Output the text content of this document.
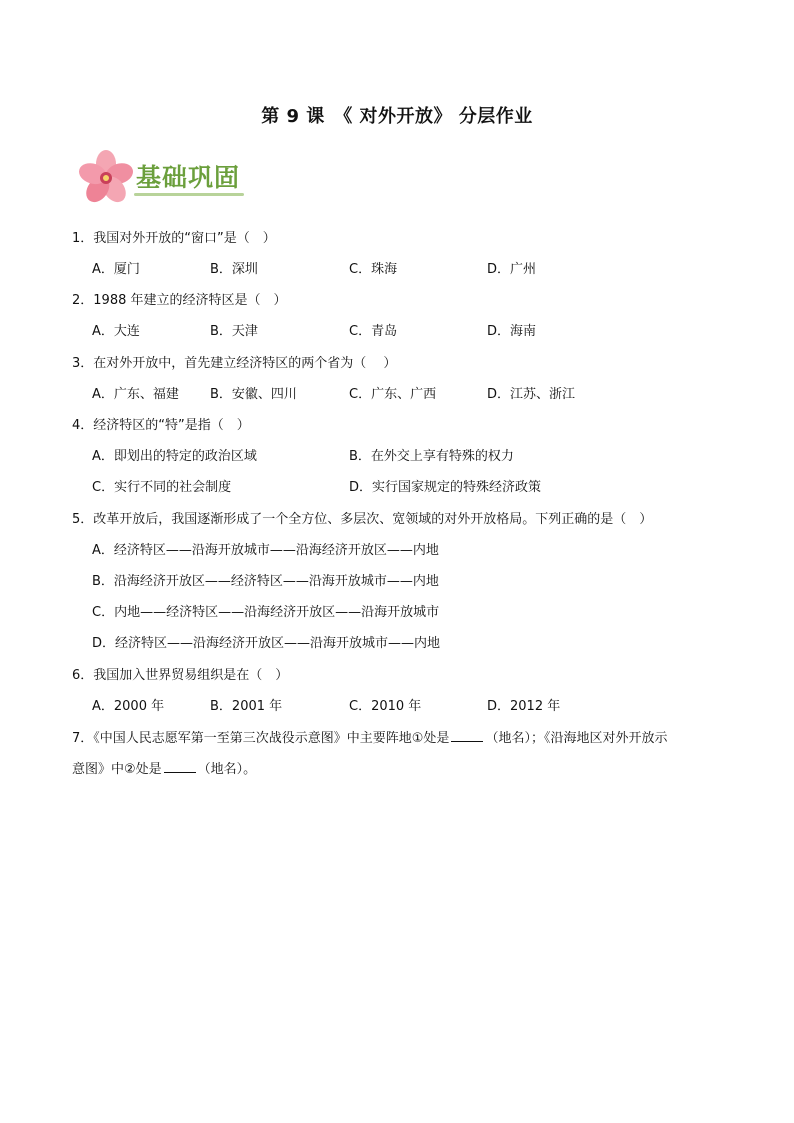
第 9 课　《 对外开放》 分层作业
基础巩固
1．我国对外开放的“窗口”是（　）
A．厦门	B．深圳	C．珠海	D．广州
2．1988 年建立的经济特区是（　）
A．大连	B．天津	C．青岛	D．海南
3．在对外开放中，首先建立经济特区的两个省为（　 ）
A．广东、福建 B．安徽、四川	C．广东、广西	D．江苏、浙江
4．经济特区的“特”是指（　）
A．即划出的特定的政治区域	B．在外交上享有特殊的权力
C．实行不同的社会制度	D．实行国家规定的特殊经济政策
5．改革开放后，我国逐渐形成了一个全方位、多层次、宽领域的对外开放格局。下列正确的是（　）
A．经济特区——沿海开放城市——沿海经济开放区——内地
B．沿海经济开放区——经济特区——沿海开放城市——内地
C．内地——经济特区——沿海经济开放区——沿海开放城市
D．经济特区——沿海经济开放区——沿海开放城市——内地
6．我国加入世界贸易组织是在（　）
A．2000 年	B．2001 年	C．2010 年	D．2012 年
7．《中国人民志愿军第一至第三次战役示意图》中主要阵地①处是	（地名）；《沿海地区对外开放示
意图》中②处是	（地名）。
